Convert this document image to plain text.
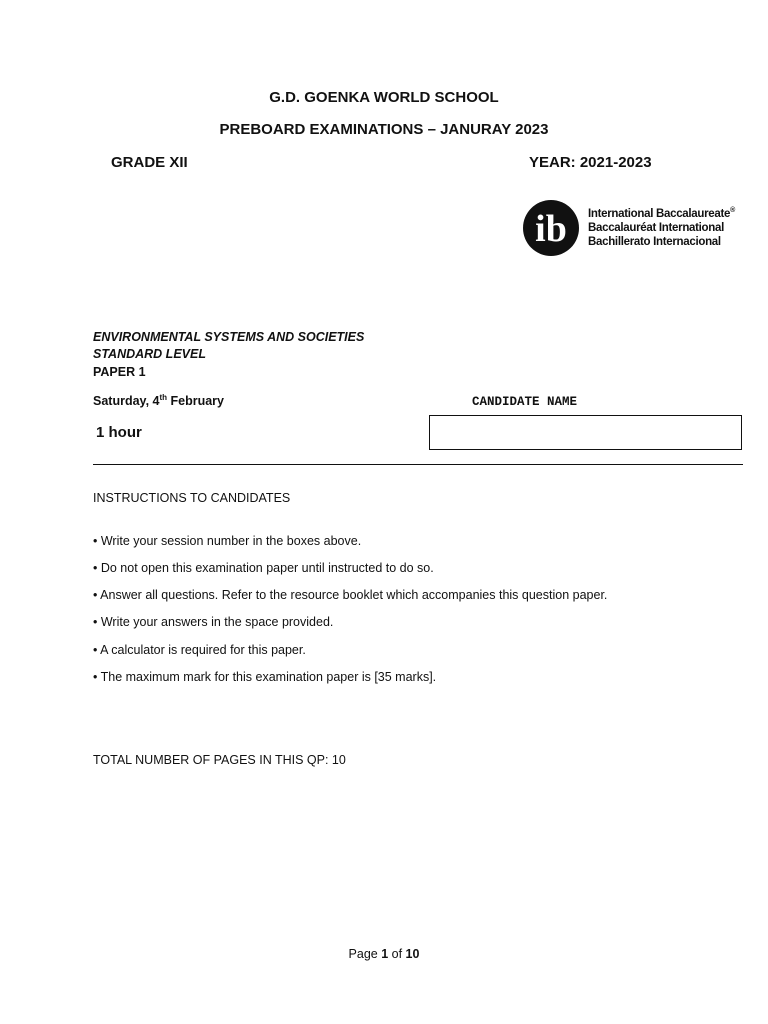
G.D. GOENKA WORLD SCHOOL
PREBOARD EXAMINATIONS – JANURAY 2023
GRADE XII	YEAR: 2021-2023
ib International Baccalaureate®
Baccalauréat International
Bachillerato Internacional
ENVIRONMENTAL SYSTEMS AND SOCIETIES
STANDARD LEVEL
PAPER 1
Saturday, 4th February	CANDIDATE NAME
1 hour
INSTRUCTIONS TO CANDIDATES
• Write your session number in the boxes above.
• Do not open this examination paper until instructed to do so.
• Answer all questions. Refer to the resource booklet which accompanies this question paper.
• Write your answers in the space provided.
• A calculator is required for this paper.
• The maximum mark for this examination paper is [35 marks].
TOTAL NUMBER OF PAGES IN THIS QP: 10
Page 1 of 10
